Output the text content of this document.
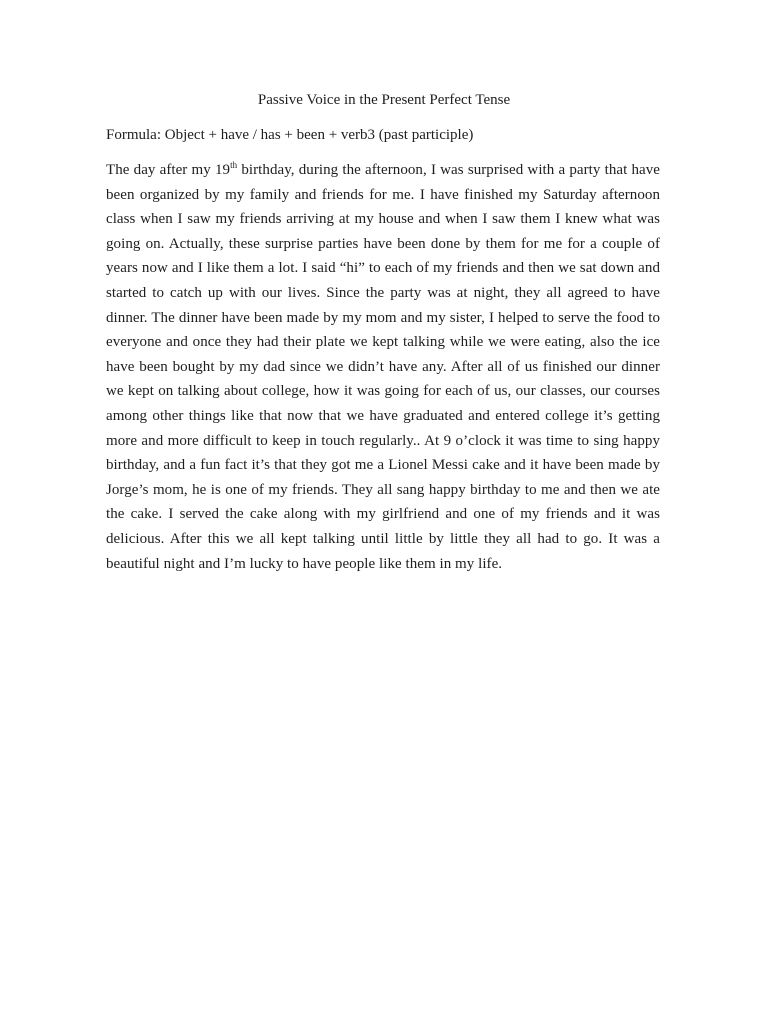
Passive Voice in the Present Perfect Tense

Formula: Object + have / has + been + verb3 (past participle)

The day after my 19th birthday, during the afternoon, I was surprised with a party that have been organized by my family and friends for me. I have finished my Saturday afternoon class when I saw my friends arriving at my house and when I saw them I knew what was going on. Actually, these surprise parties have been done by them for me for a couple of years now and I like them a lot. I said “hi” to each of my friends and then we sat down and started to catch up with our lives. Since the party was at night, they all agreed to have dinner. The dinner have been made by my mom and my sister, I helped to serve the food to everyone and once they had their plate we kept talking while we were eating, also the ice have been bought by my dad since we didn’t have any. After all of us finished our dinner we kept on talking about college, how it was going for each of us, our classes, our courses among other things like that now that we have graduated and entered college it’s getting more and more difficult to keep in touch regularly.. At 9 o’clock it was time to sing happy birthday, and a fun fact it’s that they got me a Lionel Messi cake and it have been made by Jorge’s mom, he is one of my friends. They all sang happy birthday to me and then we ate the cake. I served the cake along with my girlfriend and one of my friends and it was delicious. After this we all kept talking until little by little they all had to go. It was a beautiful night and I’m lucky to have people like them in my life.
